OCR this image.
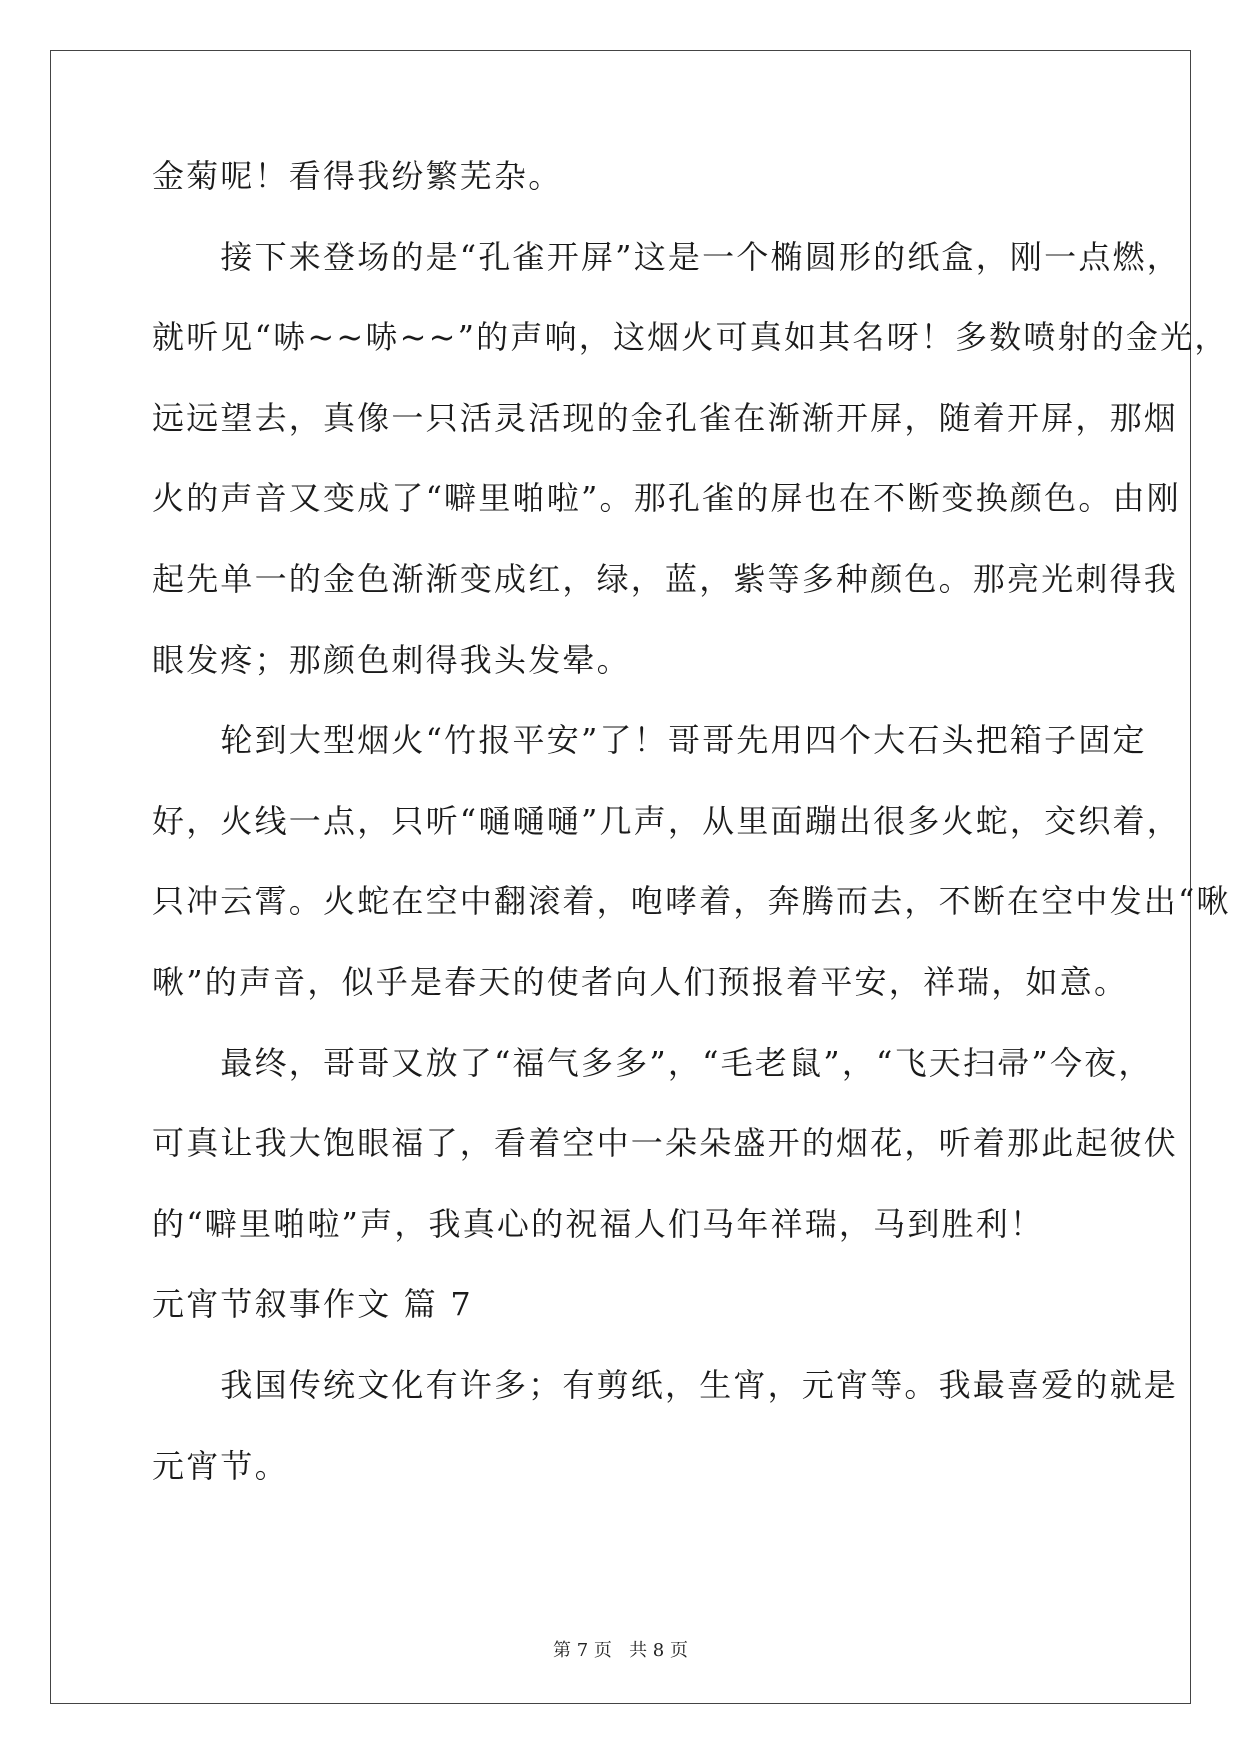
金菊呢！看得我纷繁芜杂。
　　接下来登场的是“孔雀开屏”这是一个椭圆形的纸盒，刚一点燃，
就听见“哧~~哧~~”的声响，这烟火可真如其名呀！多数喷射的金光，
远远望去，真像一只活灵活现的金孔雀在渐渐开屏，随着开屏，那烟
火的声音又变成了“噼里啪啦”。那孔雀的屏也在不断变换颜色。由刚
起先单一的金色渐渐变成红，绿，蓝，紫等多种颜色。那亮光刺得我
眼发疼；那颜色刺得我头发晕。
　　轮到大型烟火“竹报平安”了！哥哥先用四个大石头把箱子固定
好，火线一点，只听“嗵嗵嗵”几声，从里面蹦出很多火蛇，交织着，
只冲云霄。火蛇在空中翻滚着，咆哮着，奔腾而去，不断在空中发出“啾
啾”的声音，似乎是春天的使者向人们预报着平安，祥瑞，如意。
　　最终，哥哥又放了“福气多多”，“毛老鼠”，“飞天扫帚”今夜，
可真让我大饱眼福了，看着空中一朵朵盛开的烟花，听着那此起彼伏
的“噼里啪啦”声，我真心的祝福人们马年祥瑞，马到胜利！
元宵节叙事作文 篇 7
　　我国传统文化有许多；有剪纸，生宵，元宵等。我最喜爱的就是
元宵节。
第 7 页 共 8 页
